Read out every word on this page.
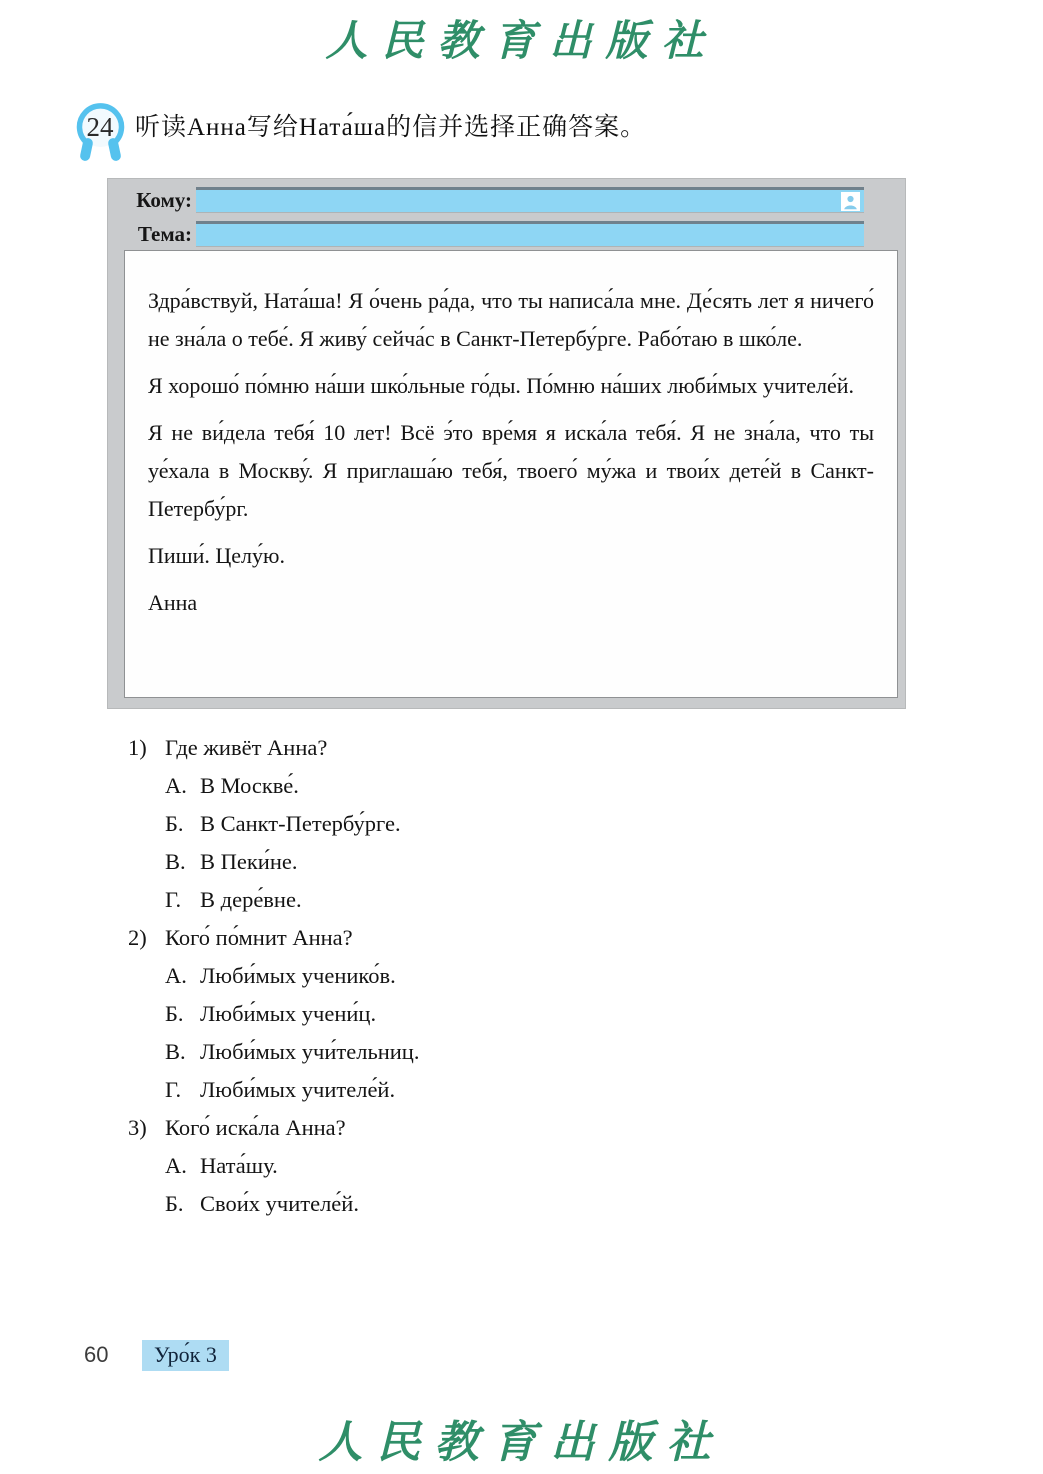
人民教育出版社
24 听读Анна写给Ната́ша的信并选择正确答案。
Кому:
Тема:

Здра́вствуй, Ната́ша! Я о́чень ра́да, что ты написа́ла мне. Де́сять лет я ничего́ не зна́ла о тебе́. Я живу́ сейча́с в Санкт-Петербу́рге. Рабо́таю в шко́ле.

Я хорошо́ по́мню на́ши шко́льные го́ды. По́мню на́ших люби́мых учителе́й.

Я не ви́дела тебя́ 10 лет! Всё э́то вре́мя я иска́ла тебя́. Я не зна́ла, что ты уе́хала в Москву́. Я приглаша́ю тебя́, твоего́ му́жа и твои́х дете́й в Санкт-Петербу́рг.

Пиши́. Целу́ю.

Анна

1) Где живёт Анна?
А. В Москве́.
Б. В Санкт-Петербу́рге.
В. В Пеки́не.
Г. В дере́вне.
2) Кого́ по́мнит Анна?
А. Люби́мых ученико́в.
Б. Люби́мых учени́ц.
В. Люби́мых учи́тельниц.
Г. Люби́мых учителе́й.
3) Кого́ иска́ла Анна?
А. Ната́шу.
Б. Свои́х учителе́й.
60	Уро́к 3
人民教育出版社
